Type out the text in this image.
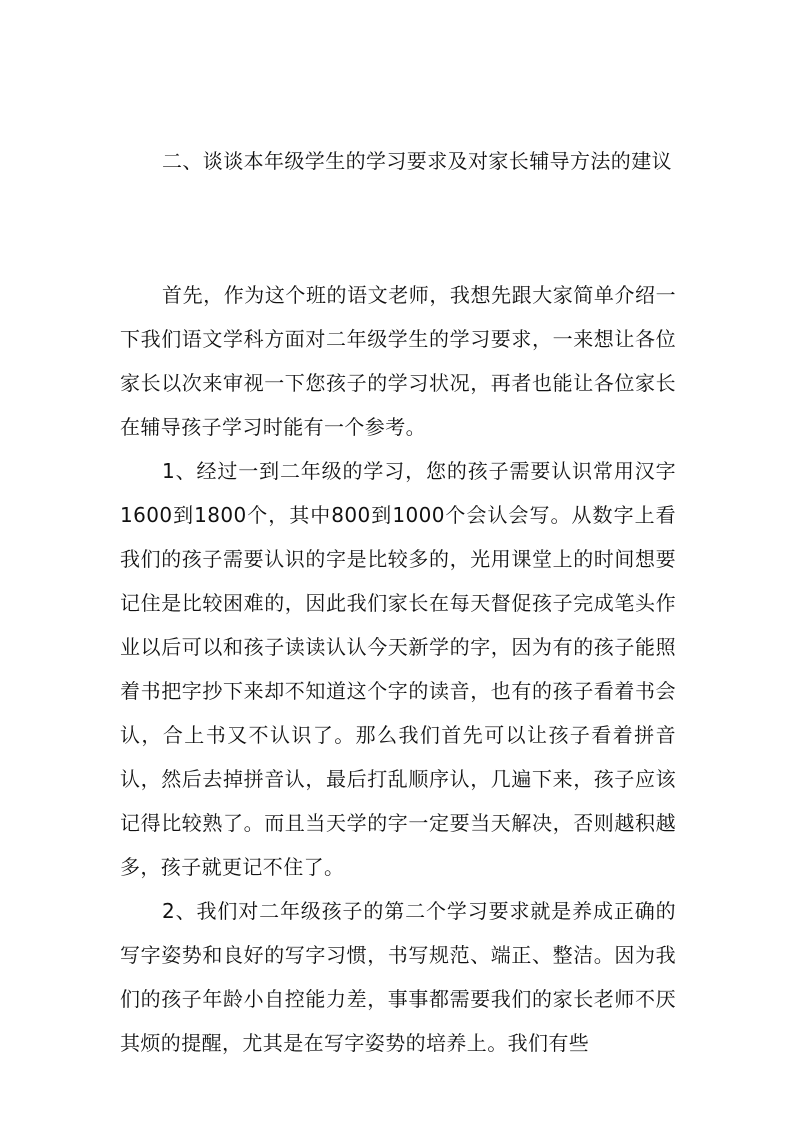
二、谈谈本年级学生的学习要求及对家长辅导方法的建议

首先，作为这个班的语文老师，我想先跟大家简单介绍一下我们语文学科方面对二年级学生的学习要求，一来想让各位家长以次来审视一下您孩子的学习状况，再者也能让各位家长在辅导孩子学习时能有一个参考。

1、经过一到二年级的学习，您的孩子需要认识常用汉字1600到1800个，其中800到1000个会认会写。从数字上看我们的孩子需要认识的字是比较多的，光用课堂上的时间想要记住是比较困难的，因此我们家长在每天督促孩子完成笔头作业以后可以和孩子读读认认今天新学的字，因为有的孩子能照着书把字抄下来却不知道这个字的读音，也有的孩子看着书会认，合上书又不认识了。那么我们首先可以让孩子看着拼音认，然后去掉拼音认，最后打乱顺序认，几遍下来，孩子应该记得比较熟了。而且当天学的字一定要当天解决，否则越积越多，孩子就更记不住了。

2、我们对二年级孩子的第二个学习要求就是养成正确的写字姿势和良好的写字习惯，书写规范、端正、整洁。因为我们的孩子年龄小自控能力差，事事都需要我们的家长老师不厌其烦的提醒，尤其是在写字姿势的培养上。我们有些
